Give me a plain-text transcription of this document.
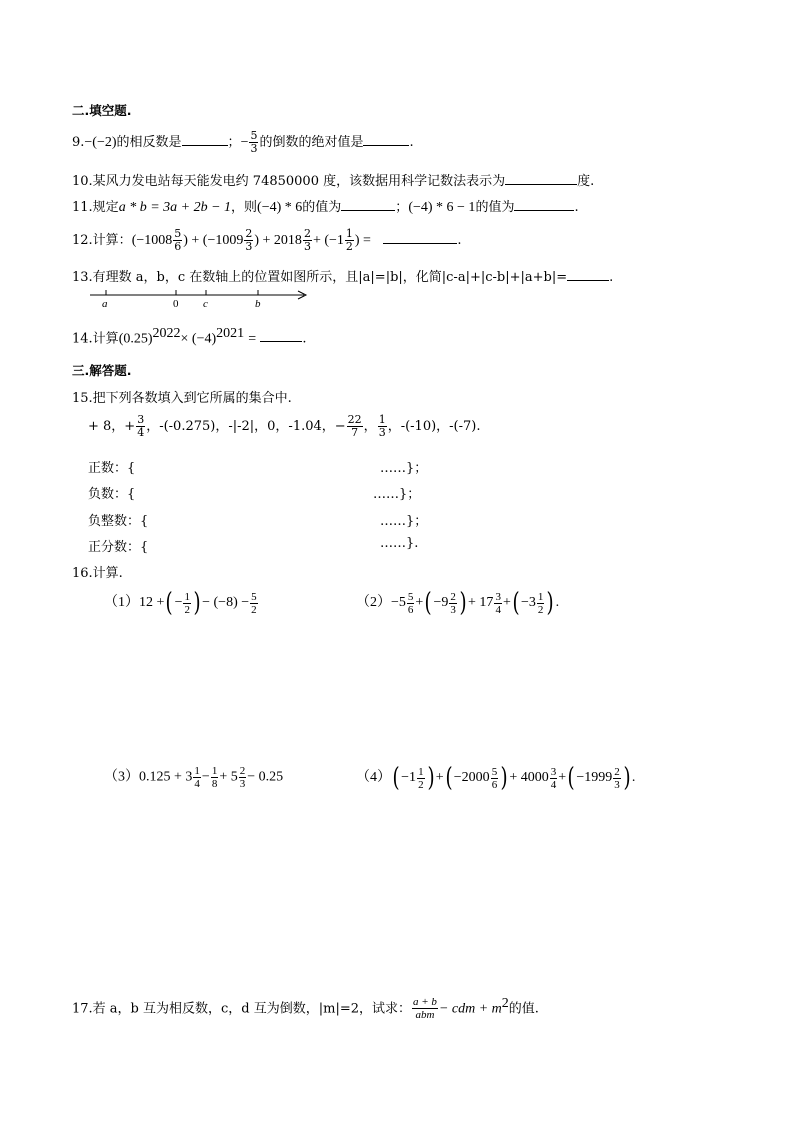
二.填空题.
9.−(−2)的相反数是	；− $\frac{5}{3}$ 的倒数的绝对值是	.
10.某风力发电站每天能发电约 74850000 度，该数据用科学记数法表示为	度.
11.规定a * b = 3a + 2b − 1，则(−4) * 6的值为	；(−4) * 6 − 1的值为	.
12.计算：($-1008 \frac{5}{6}$ ) + ($-1009 \frac{2}{3}$ ) + $2018 \frac{2}{3} + (-1 \frac{1}{2}$ ) =	.
13.有理数 a，b，c 在数轴上的位置如图所示，且|a|=|b|，化简|c-a|+|c-b|+|a+b|=	.
a	0 c	b
14.计算$(0.25)^{2022}\times (-4)^{2021}$ =	.
三.解答题.
15.把下列各数填入到它所属的集合中.
+ 8，+ $\frac{3}{4}$ ，-(-0.275)，-|-2|，0，-1.04，− $\frac{22}{7}$ ， $\frac{1}{3}$ ，-(-10)，-(-7).
正数：{	……}；
负数：{	……}；
负整数：{	……}；
正分数：{	……}.
16.计算.
（1）12 +( − $\frac{1}{2}$ ) − $(-8) - \frac{5}{2}$	$(2)-5 \frac{5}{6}$ +( $-9 \frac{2}{3}$ ) + $17 \frac{3}{4}$ +( $-3 \frac{1}{2}$ ) .
$(3)0.125 + 3 \frac{1}{4} - \frac{1}{8} + 5 \frac{2}{3} - 0.25$	$(4)( -1 \frac{1}{2}$ ) +( $-2000 \frac{5}{6}$ ) + $4000 \frac{3}{4}$ +( $-1999 \frac{2}{3}$ ) .
17.若 a，b 互为相反数，c，d 互为倒数，|m|=2，试求： $\frac{a + b}{\text{abm}}$ − cdm + $m^2$的值.
